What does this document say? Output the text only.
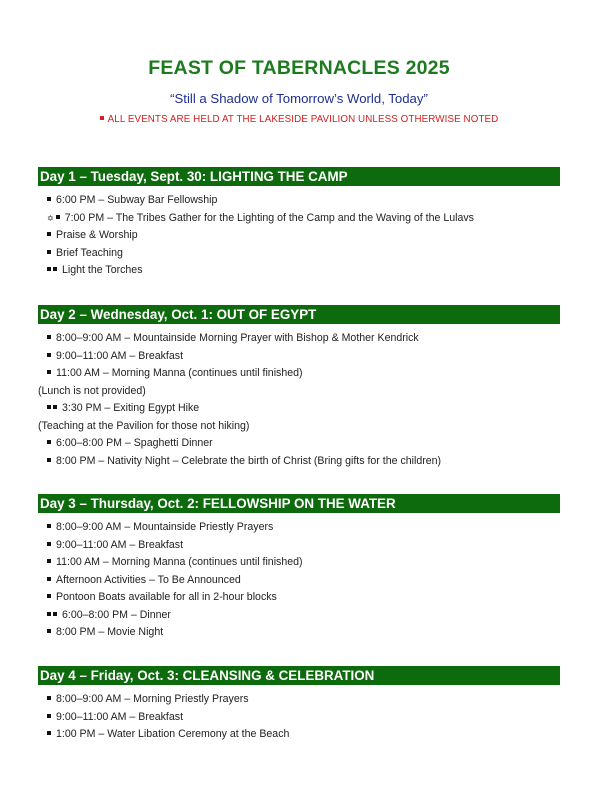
FEAST OF TABERNACLES 2025
“Still a Shadow of Tomorrow’s World, Today”
ALL EVENTS ARE HELD AT THE LAKESIDE PAVILION UNLESS OTHERWISE NOTED
Day 1 – Tuesday, Sept. 30: LIGHTING THE CAMP
6:00 PM – Subway Bar Fellowship
✡ 7:00 PM – The Tribes Gather for the Lighting of the Camp and the Waving of the Lulavs
Praise & Worship
Brief Teaching
Light the Torches
Day 2 – Wednesday, Oct. 1: OUT OF EGYPT
8:00–9:00 AM – Mountainside Morning Prayer with Bishop & Mother Kendrick
9:00–11:00 AM – Breakfast
11:00 AM – Morning Manna (continues until finished)
(Lunch is not provided)
3:30 PM – Exiting Egypt Hike
(Teaching at the Pavilion for those not hiking)
6:00–8:00 PM – Spaghetti Dinner
8:00 PM – Nativity Night – Celebrate the birth of Christ (Bring gifts for the children)
Day 3 – Thursday, Oct. 2: FELLOWSHIP ON THE WATER
8:00–9:00 AM – Mountainside Priestly Prayers
9:00–11:00 AM – Breakfast
11:00 AM – Morning Manna (continues until finished)
Afternoon Activities – To Be Announced
Pontoon Boats available for all in 2-hour blocks
6:00–8:00 PM – Dinner
8:00 PM – Movie Night
Day 4 – Friday, Oct. 3: CLEANSING & CELEBRATION
8:00–9:00 AM – Morning Priestly Prayers
9:00–11:00 AM – Breakfast
1:00 PM – Water Libation Ceremony at the Beach
